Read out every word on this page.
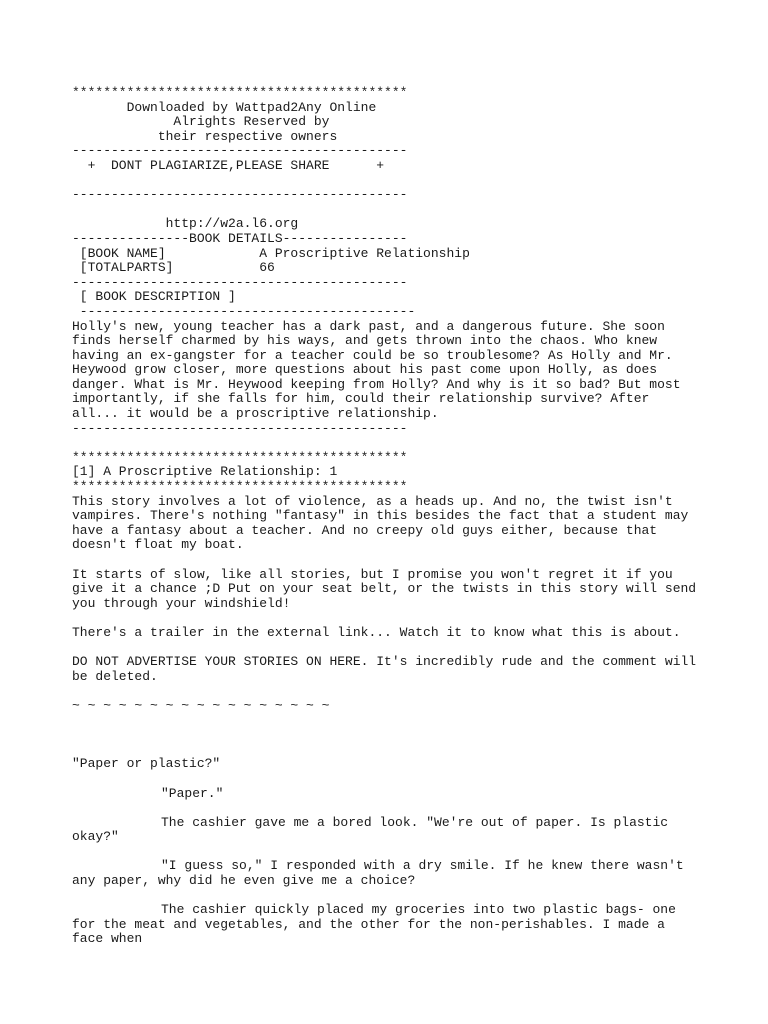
*******************************************
Downloaded by Wattpad2Any Online
Alrights Reserved by
their respective owners
-------------------------------------------
+  DONT PLAGIARIZE,PLEASE SHARE      +
-------------------------------------------
http://w2a.l6.org
---------------BOOK DETAILS----------------
[BOOK NAME]            A Proscriptive Relationship
[TOTALPARTS]           66
-------------------------------------------
[ BOOK DESCRIPTION ]
-------------------------------------------

Holly's new, young teacher has a dark past, and a dangerous future. She soon finds herself charmed by his ways, and gets thrown into the chaos. Who knew having an ex-gangster for a teacher could be so troublesome? As Holly and Mr. Heywood grow closer, more questions about his past come upon Holly, as does danger. What is Mr. Heywood keeping from Holly? And why is it so bad? But most importantly, if she falls for him, could their relationship survive? After all... it would be a proscriptive relationship.

-------------------------------------------
*******************************************
[1] A Proscriptive Relationship: 1
*******************************************

This story involves a lot of violence, as a heads up. And no, the twist isn't vampires. There's nothing "fantasy" in this besides the fact that a student may have a fantasy about a teacher. And no creepy old guys either, because that doesn't float my boat.

It starts of slow, like all stories, but I promise you won't regret it if you give it a chance ;D Put on your seat belt, or the twists in this story will send you through your windshield!

There's a trailer in the external link... Watch it to know what this is about.

DO NOT ADVERTISE YOUR STORIES ON HERE. It's incredibly rude and the comment will be deleted.

~ ~ ~ ~ ~ ~ ~ ~ ~ ~ ~ ~ ~ ~ ~ ~ ~

"Paper or plastic?"

"Paper."

The cashier gave me a bored look. "We're out of paper. Is plastic okay?"

"I guess so," I responded with a dry smile. If he knew there wasn't any paper, why did he even give me a choice?

The cashier quickly placed my groceries into two plastic bags- one for the meat and vegetables, and the other for the non-perishables. I made a face when
